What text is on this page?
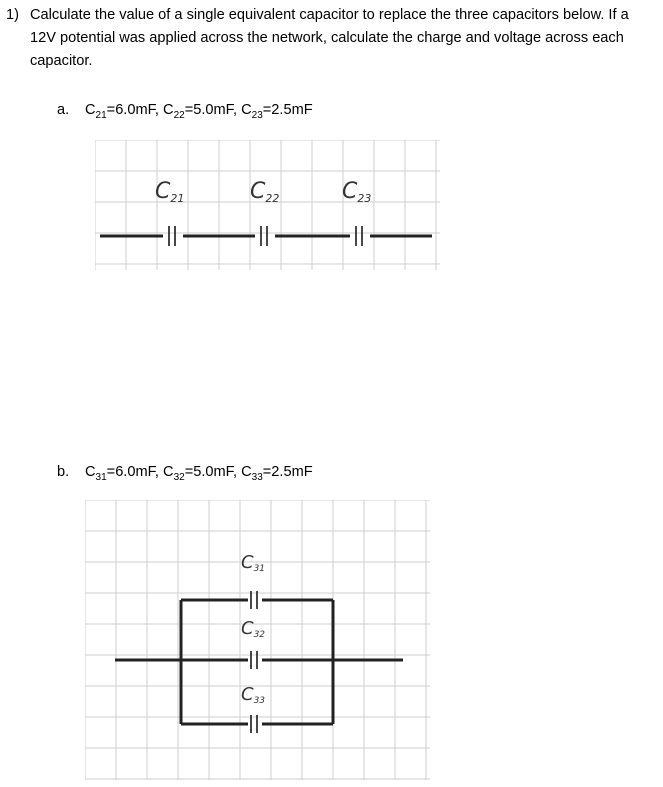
1) Calculate the value of a single equivalent capacitor to replace the three capacitors below. If a 12V potential was applied across the network, calculate the charge and voltage across each capacitor.
a. $C_{21}=6.0mF$, $C_{22}=5.0mF$, $C_{23}=2.5mF$
C21	C22	C23
b. $C_{31}=6.0mF$, $C_{32}=5.0mF$, $C_{33}=2.5mF$
C31
C32
C33
